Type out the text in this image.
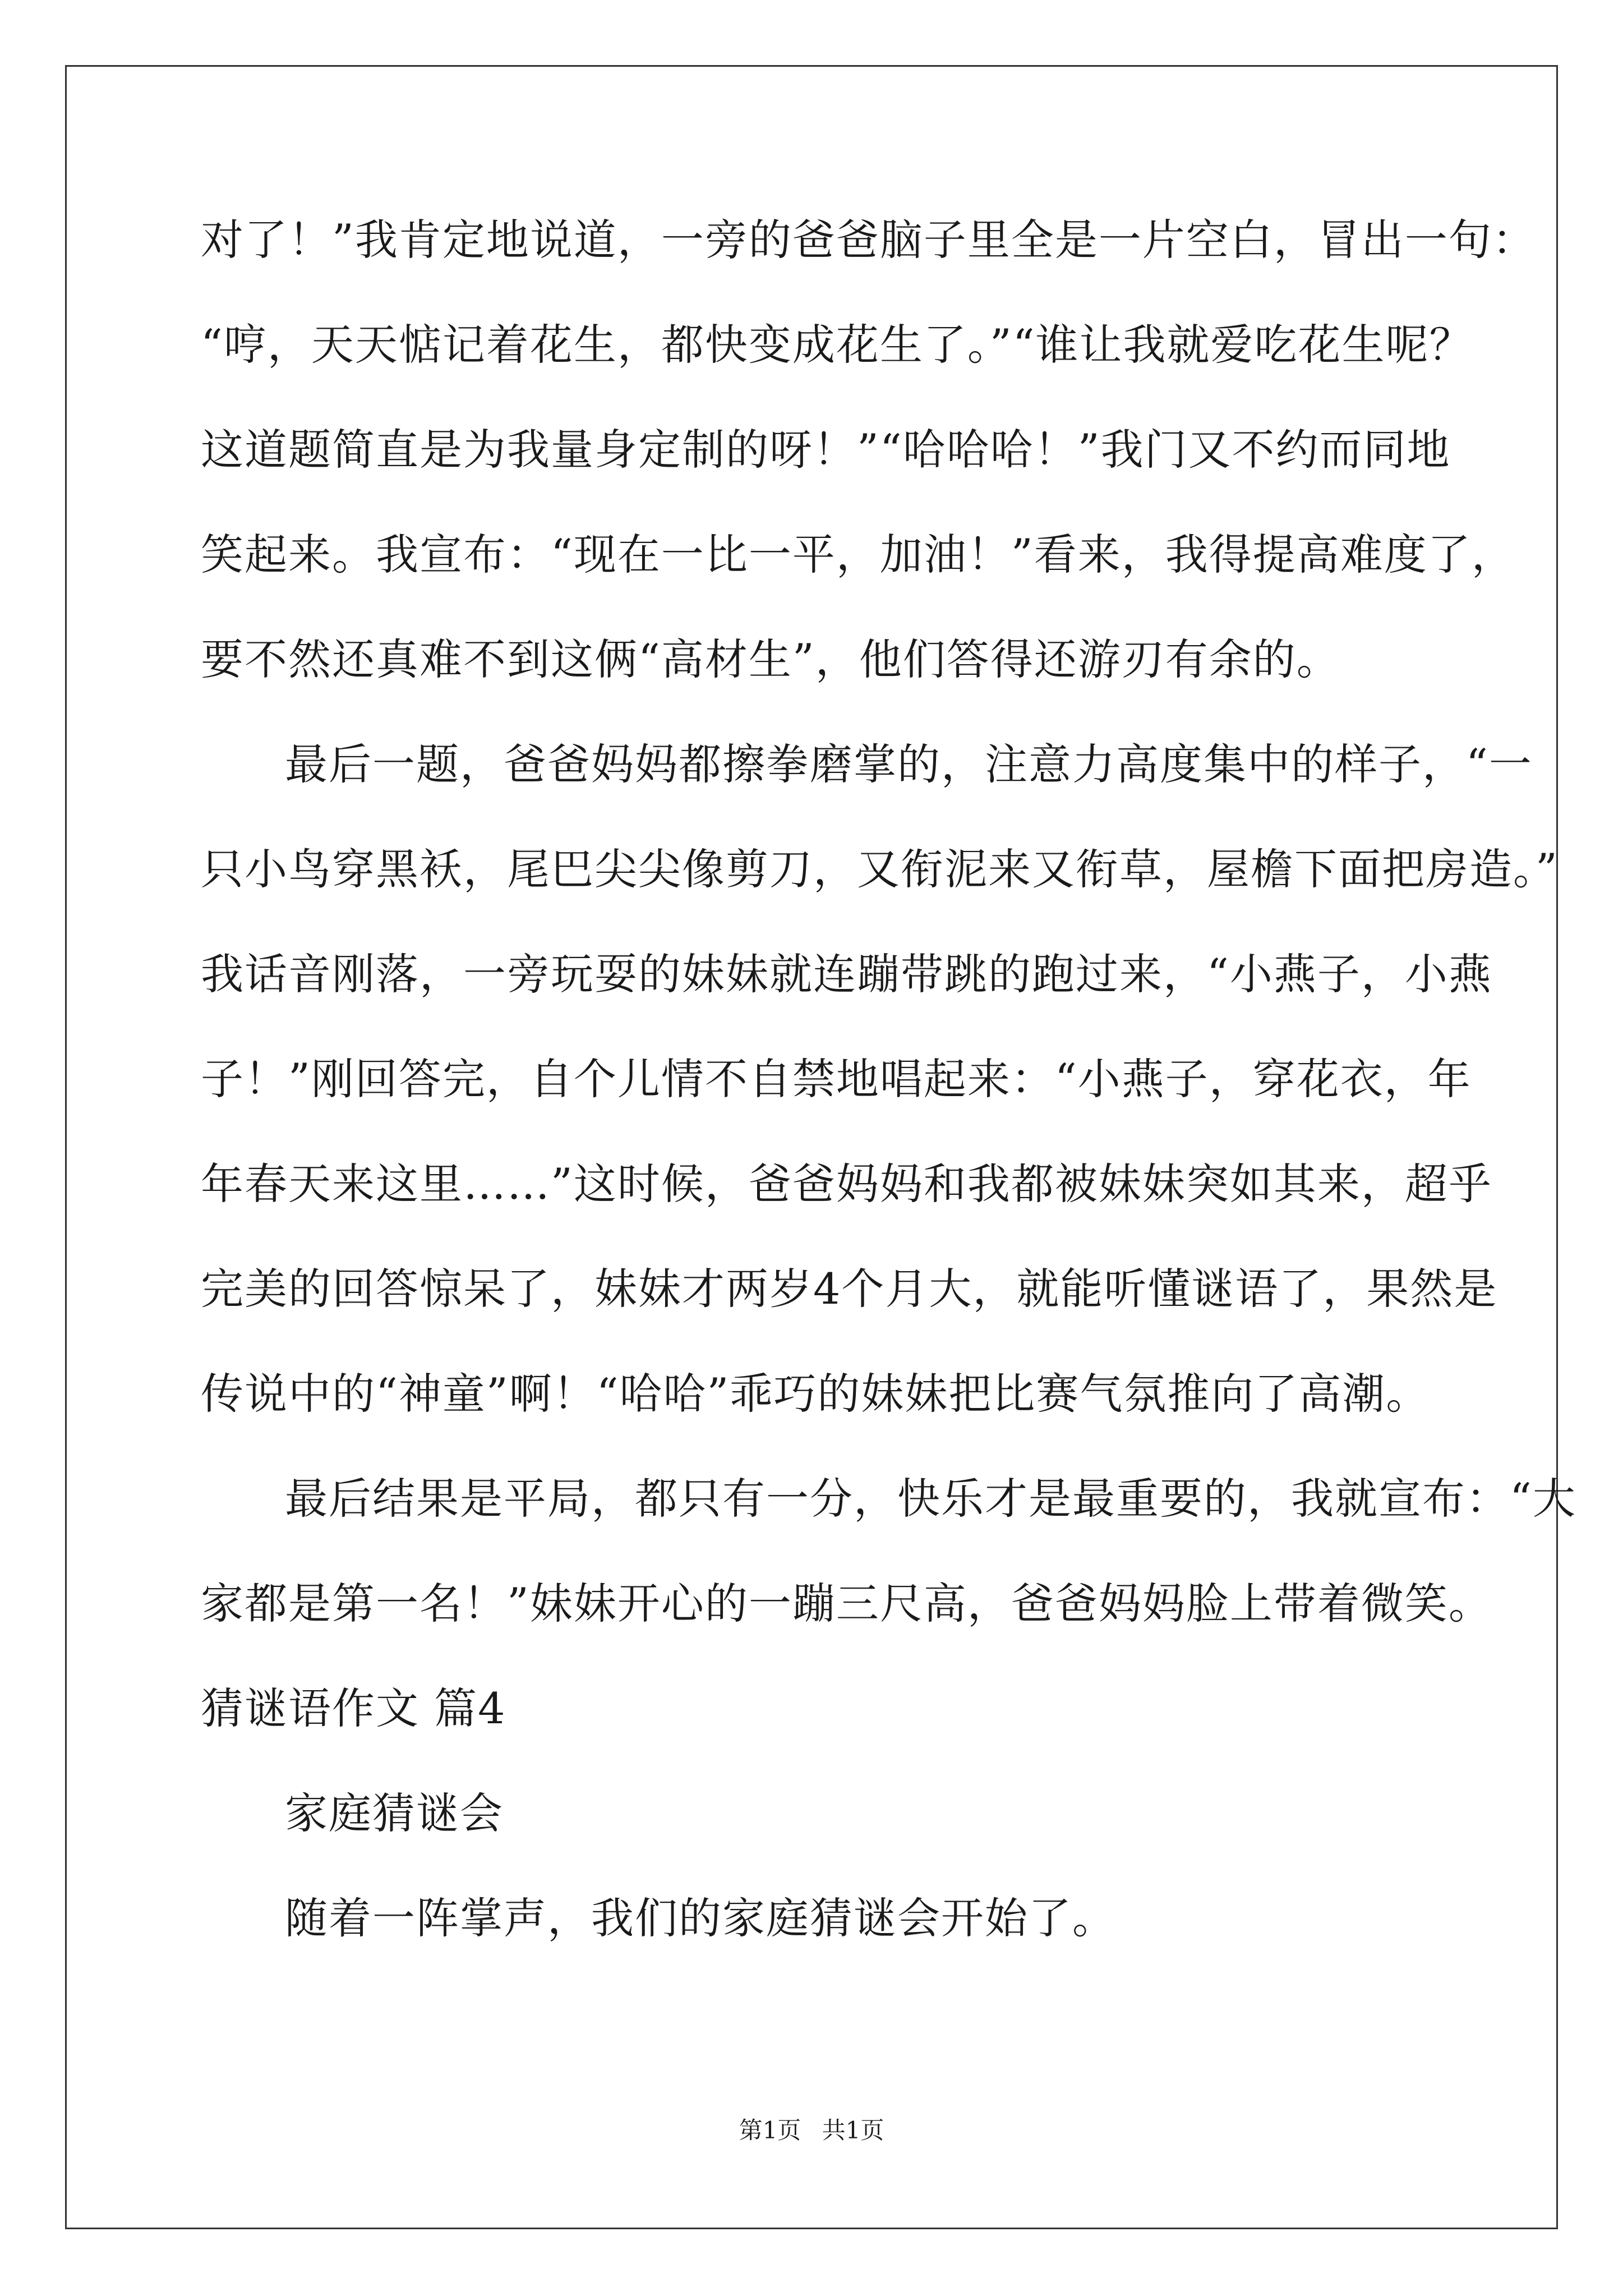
对了！”我肯定地说道，一旁的爸爸脑子里全是一片空白，冒出一句：
“哼，天天惦记着花生，都快变成花生了。”“谁让我就爱吃花生呢？
这道题简直是为我量身定制的呀！”“哈哈哈！”我门又不约而同地
笑起来。我宣布：“现在一比一平，加油！”看来，我得提高难度了，
要不然还真难不到这俩“高材生”，他们答得还游刃有余的。
最后一题，爸爸妈妈都擦拳磨掌的，注意力高度集中的样子，“一
只小鸟穿黑袄，尾巴尖尖像剪刀，又衔泥来又衔草，屋檐下面把房造。”
我话音刚落，一旁玩耍的妹妹就连蹦带跳的跑过来，“小燕子，小燕
子！”刚回答完，自个儿情不自禁地唱起来：“小燕子，穿花衣，年
年春天来这里……”这时候，爸爸妈妈和我都被妹妹突如其来，超乎
完美的回答惊呆了，妹妹才两岁4个月大，就能听懂谜语了，果然是
传说中的“神童”啊！“哈哈”乖巧的妹妹把比赛气氛推向了高潮。
最后结果是平局，都只有一分，快乐才是最重要的，我就宣布：“大
家都是第一名！”妹妹开心的一蹦三尺高，爸爸妈妈脸上带着微笑。
猜谜语作文 篇4
家庭猜谜会
随着一阵掌声，我们的家庭猜谜会开始了。
第1页 共1页
